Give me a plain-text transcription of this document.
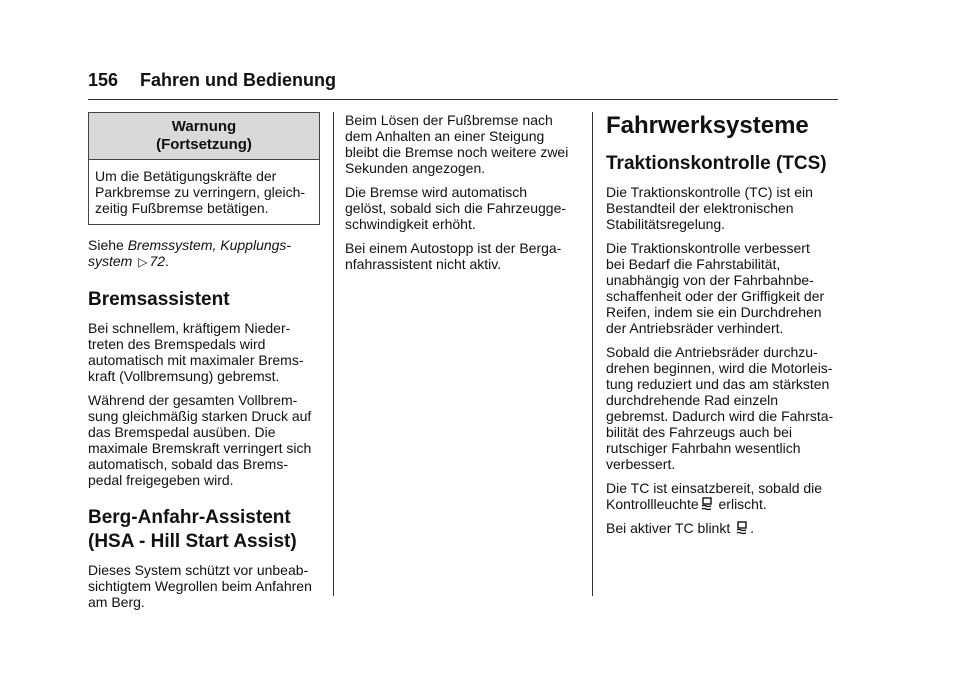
156 Fahren und Bedienung
Warnung
(Fortsetzung)
Um die Betätigungskräfte der
Parkbremse zu verringern, gleich-
zeitig Fußbremse betätigen.

Siehe Bremssystem, Kupplungs-
system ▷ 72.

Bremsassistent

Bei schnellem, kräftigem Nieder-
treten des Bremspedals wird
automatisch mit maximaler Brems-
kraft (Vollbremsung) gebremst.

Während der gesamten Vollbrem-
sung gleichmäßig starken Druck auf
das Bremspedal ausüben. Die
maximale Bremskraft verringert sich
automatisch, sobald das Brems-
pedal freigegeben wird.

Berg-Anfahr-Assistent
(HSA - Hill Start Assist)

Dieses System schützt vor unbeab-
sichtigtem Wegrollen beim Anfahren
am Berg.

Beim Lösen der Fußbremse nach
dem Anhalten an einer Steigung
bleibt die Bremse noch weitere zwei
Sekunden angezogen.

Die Bremse wird automatisch
gelöst, sobald sich die Fahrzeugge-
schwindigkeit erhöht.

Bei einem Autostopp ist der Berga-
nfahrassistent nicht aktiv.

Fahrwerksysteme
Traktionskontrolle (TCS)

Die Traktionskontrolle (TC) ist ein
Bestandteil der elektronischen
Stabilitätsregelung.

Die Traktionskontrolle verbessert
bei Bedarf die Fahrstabilität,
unabhängig von der Fahrbahnbe-
schaffenheit oder der Griffigkeit der
Reifen, indem sie ein Durchdrehen
der Antriebsräder verhindert.

Sobald die Antriebsräder durchzu-
drehen beginnen, wird die Motorleis-
tung reduziert und das am stärksten
durchdrehende Rad einzeln
gebremst. Dadurch wird die Fahrsta-
bilität des Fahrzeugs auch bei
rutschiger Fahrbahn wesentlich
verbessert.

Die TC ist einsatzbereit, sobald die
Kontrollleuchte erlischt.

Bei aktiver TC blinkt .
